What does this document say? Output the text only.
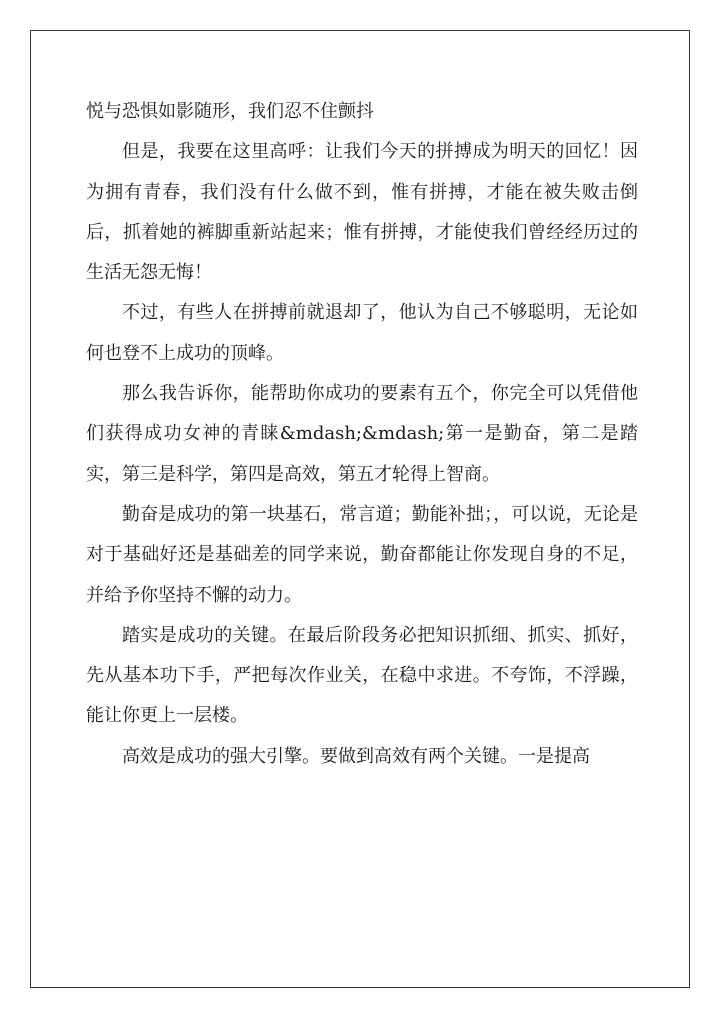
悦与恐惧如影随形，我们忍不住颤抖

但是，我要在这里高呼：让我们今天的拼搏成为明天的回忆！因为拥有青春，我们没有什么做不到，惟有拼搏，才能在被失败击倒后，抓着她的裤脚重新站起来；惟有拼搏，才能使我们曾经经历过的生活无怨无悔！

不过，有些人在拼搏前就退却了，他认为自己不够聪明，无论如何也登不上成功的顶峰。

那么我告诉你，能帮助你成功的要素有五个，你完全可以凭借他们获得成功女神的青睐&mdash;&mdash;第一是勤奋，第二是踏实，第三是科学，第四是高效，第五才轮得上智商。

勤奋是成功的第一块基石，常言道；勤能补拙；，可以说，无论是对于基础好还是基础差的同学来说，勤奋都能让你发现自身的不足，并给予你坚持不懈的动力。

踏实是成功的关键。在最后阶段务必把知识抓细、抓实、抓好，先从基本功下手，严把每次作业关，在稳中求进。不夸饰，不浮躁，能让你更上一层楼。

高效是成功的强大引擎。要做到高效有两个关键。一是提高
